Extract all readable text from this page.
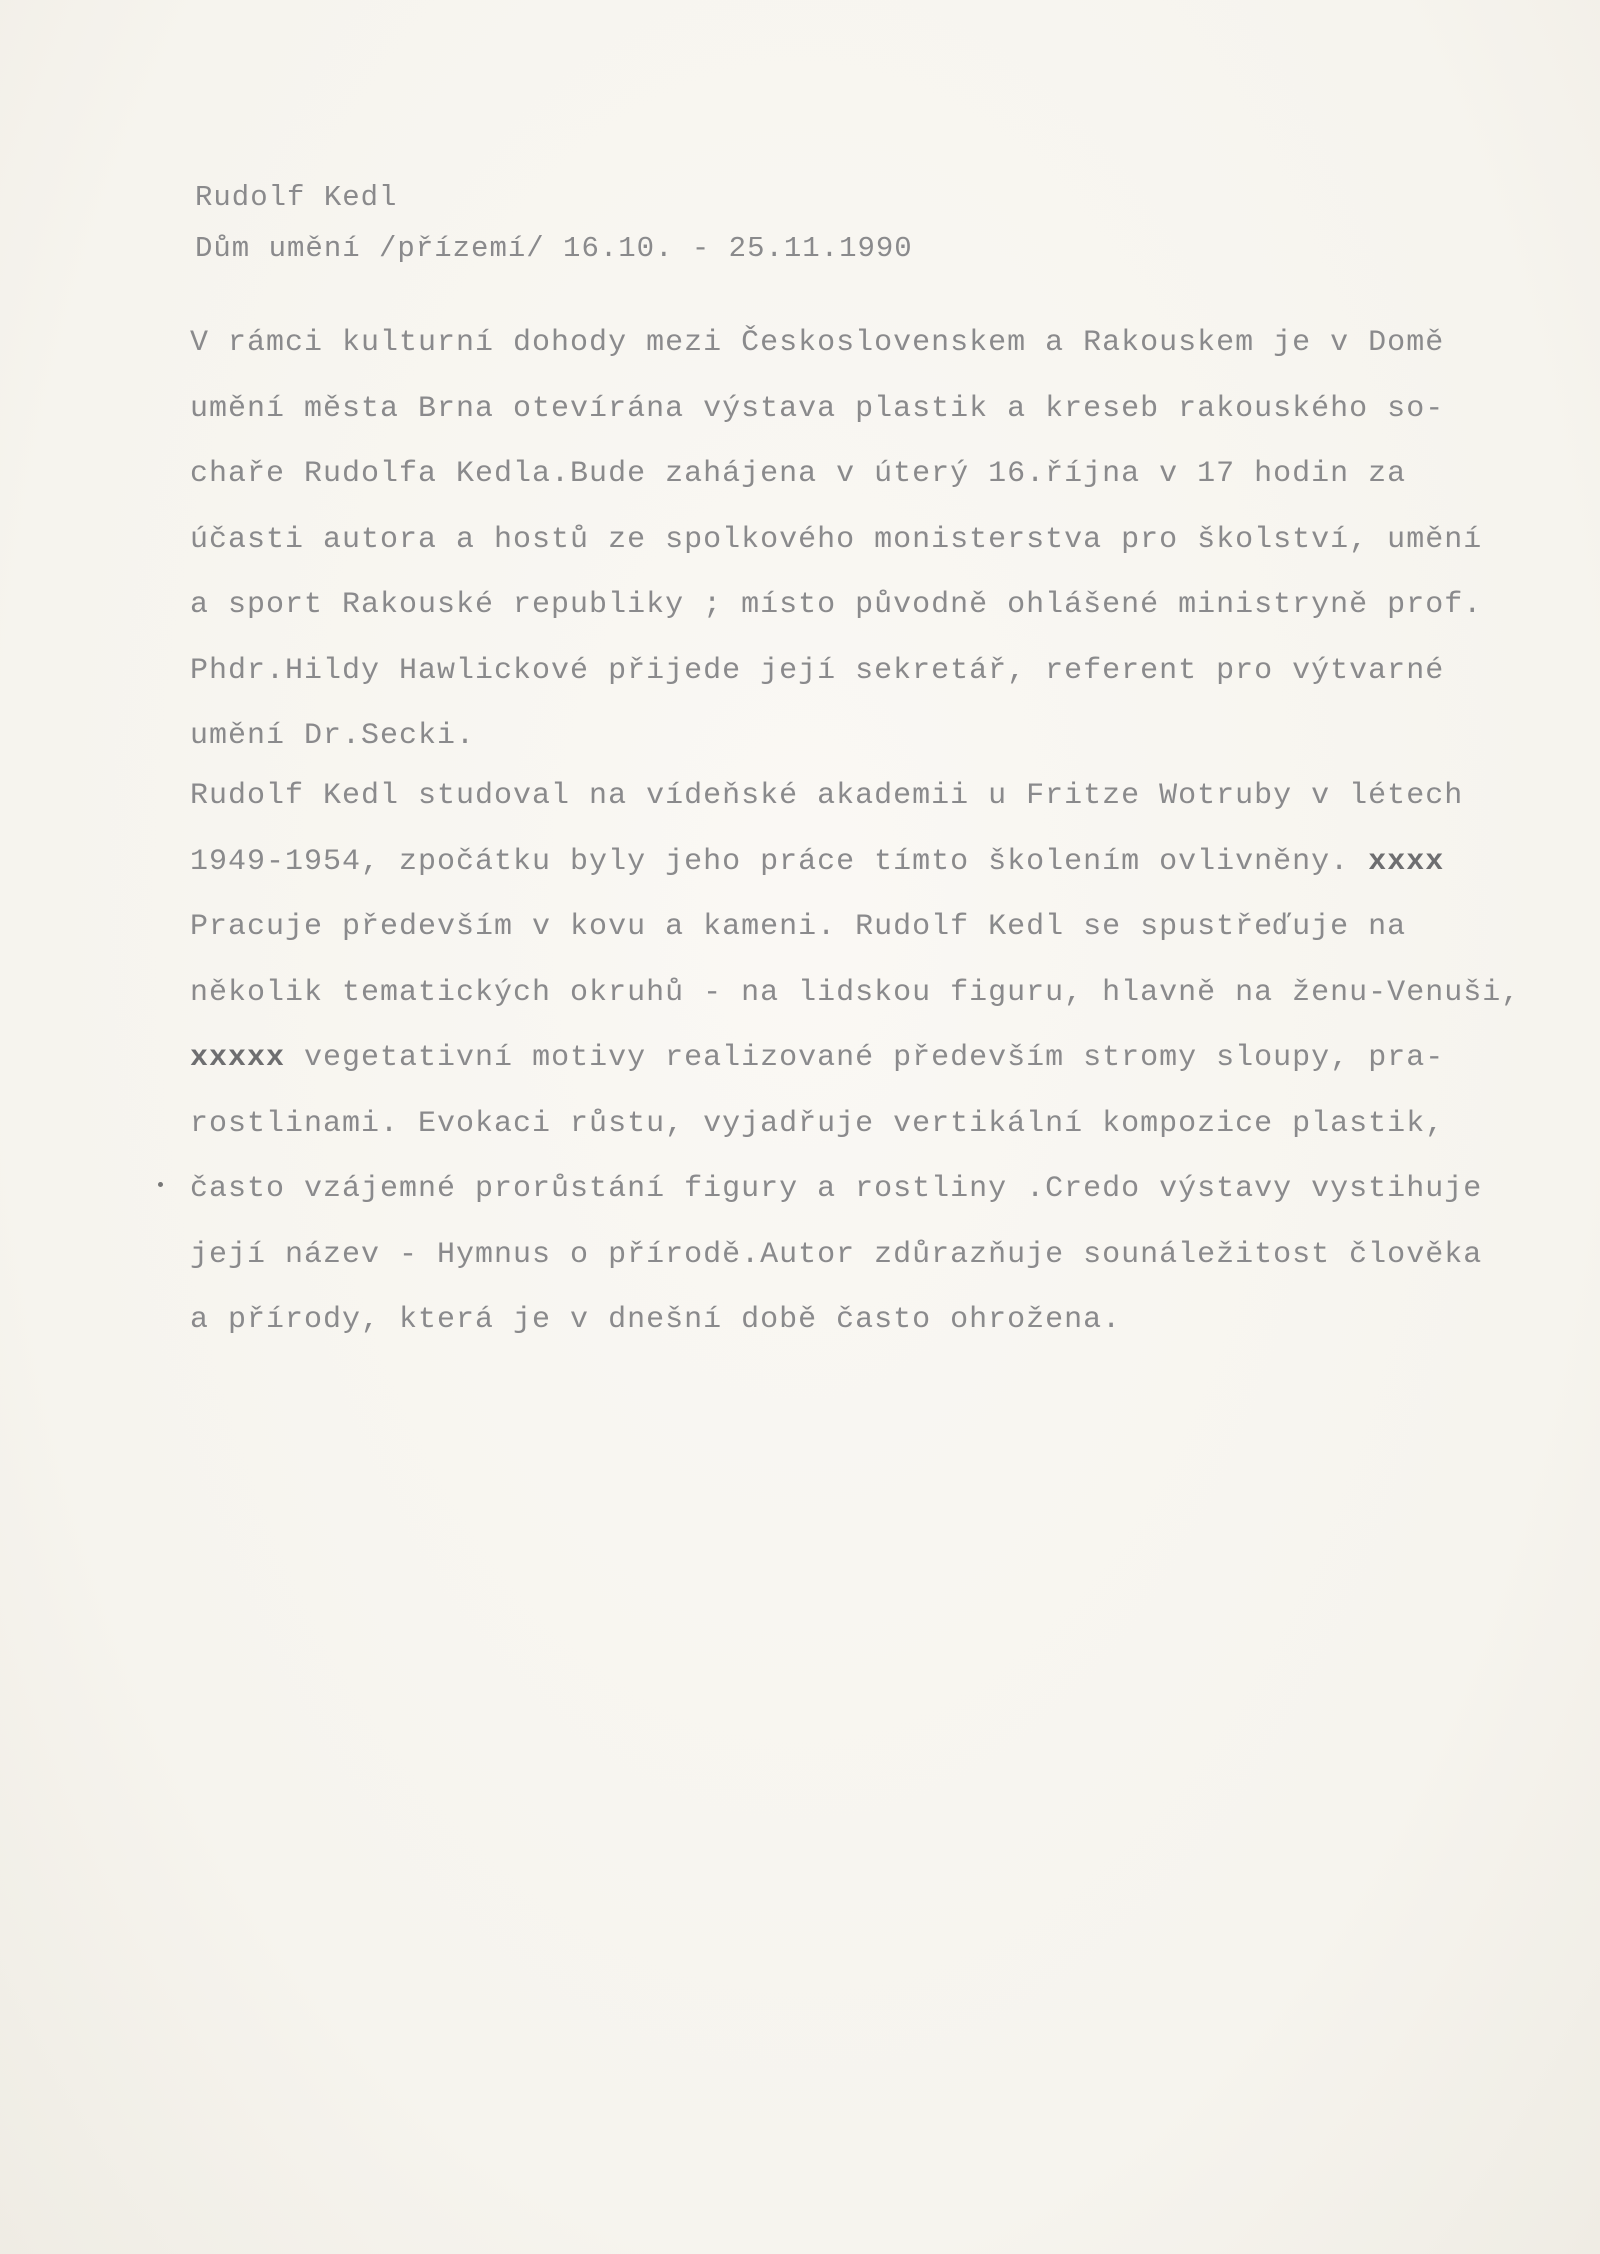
Rudolf Kedl
Dům umění /přízemí/ 16.10. - 25.11.1990
V rámci kulturní dohody mezi Československem a Rakouskem je v Domě
umění města Brna otevírána výstava plastik a kreseb rakouského so-
chaře Rudolfa Kedla.Bude zahájena v úterý 16.října v 17 hodin za
účasti autora a hostů ze spolkového monisterstva pro školství, umění
a sport Rakouské republiky ; místo původně ohlášené ministryně prof.
Phdr.Hildy Hawlickové přijede její sekretář, referent pro výtvarné
umění Dr.Secki.
Rudolf Kedl studoval na vídeňské akademii u Fritze Wotruby v létech
1949-1954, zpočátku byly jeho práce tímto školením ovlivněny. xxxx
Pracuje především v kovu a kameni. Rudolf Kedl se spustřeďuje na
několik tematických okruhů - na lidskou figuru, hlavně na ženu-Venuši,
xxxxx vegetativní motivy realizované především stromy sloupy, pra-
rostlinami. Evokaci růstu, vyjadřuje vertikální kompozice plastik,
často vzájemné prorůstání figury a rostliny .Credo výstavy vystihuje
její název - Hymnus o přírodě.Autor zdůrazňuje sounáležitost člověka
a přírody, která je v dnešní době často ohrožena.
